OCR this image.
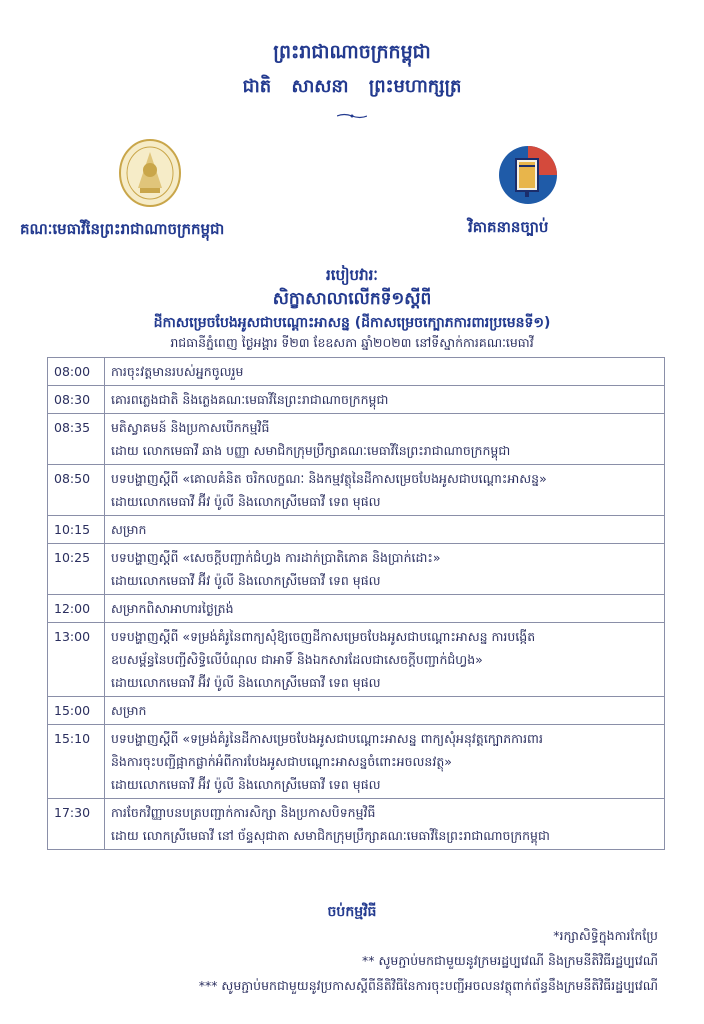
ព្រះរាជាណាចក្រកម្ពុជា
ជាតិ សាសនា ព្រះមហាក្សត្រ
គណៈមេធាវីនៃព្រះរាជាណាចក្រកម្ពុជា	វិគាគនានច្បាប់
របៀបវារៈ
សិក្ខាសាលាលើកទី១ស្តីពី
ដីកាសម្រេចបែងអូសជាបណ្តោះអាសន្ន (ដីកាសម្រេចក្បោភការពារប្រមេនទី១)
រាជធានីភ្នំពេញ ថ្ងៃអង្គារ ទី២៣ ខែឧសភា ឆ្នាំ២០២៣ នៅទីស្នាក់ការគណៈមេធាវី
08:00	ការចុះវត្តមានរបស់អ្នកចូលរួម

08:30	គោរពភ្លេងជាតិ និងភ្លេងគណៈមេធាវីនៃព្រះរាជាណាចក្រកម្ពុជា

08:35	មតិស្វាគមន៍ និងប្រកាសបើកកម្មវិធី
ដោយ លោកមេធាវី ឆាង បញ្ញា សមាជិកក្រុមប្រឹក្សាគណៈមេធាវីនៃព្រះរាជាណាចក្រកម្ពុជា

08:50	បទបង្ហាញស្តីពី «គោលគំនិត ចរិកលក្ខណៈ និងកម្មវត្ថុនៃដីកាសម្រេចបែងអូសជាបណ្តោះអាសន្ន»
ដោយលោកមេធាវី អ៊ីវ ប៉ូលី និងលោកស្រីមេធាវី ទេព មុផល

10:15	សម្រាក

10:25	បទបង្ហាញស្តីពី «សេចក្តីបញ្ជាក់ជំហ្វង ការដាក់ប្រាតិភោគ និងប្រាក់ដោះ»
ដោយលោកមេធាវី អ៊ីវ ប៉ូលី និងលោកស្រីមេធាវី ទេព មុផល

12:00	សម្រាកពិសាអាហារថ្ងៃត្រង់

13:00	បទបង្ហាញស្តីពី «ទម្រង់គំរូនៃពាក្យសុំឱ្យចេញដីកាសម្រេចបែងអូសជាបណ្តោះអាសន្ន ការបង្កើត
ឧបសម្ព័ន្ធនៃបញ្ជីសិទ្ធិលើបំណុល ជាអាទិ៍ និងឯកសារដែលជាសេចក្តីបញ្ជាក់ជំហ្វង»
ដោយលោកមេធាវី អ៊ីវ ប៉ូលី និងលោកស្រីមេធាវី ទេព មុផល

15:00	សម្រាក

15:10	បទបង្ហាញស្តីពី «ទម្រង់គំរូនៃដីកាសម្រេចបែងអូសជាបណ្តោះអាសន្ន ពាក្យសុំអនុវត្តក្បោភការពារ
និងការចុះបញ្ជីផ្អាកផ្លាក់អំពីការបែងអូសជាបណ្តោះអាសន្នចំពោះអចលនវត្ថុ»
ដោយលោកមេធាវី អ៊ីវ ប៉ូលី និងលោកស្រីមេធាវី ទេព មុផល

17:30	ការចែកវិញ្ញាបនបត្របញ្ជាក់ការសិក្សា និងប្រកាសបិទកម្មវិធី
ដោយ លោកស្រីមេធាវី នៅ ច័ន្ទសុជាតា សមាជិកក្រុមប្រឹក្សាគណៈមេធាវីនៃព្រះរាជាណាចក្រកម្ពុជា
ចប់កម្មវិធី
*រក្សាសិទ្ធិក្នុងការកែប្រែ
** សូមភ្ជាប់មកជាមួយនូវក្រមរដ្ឋប្បវេណី និងក្រមនីតិវិធីរដ្ឋប្បវេណី
*** សូមភ្ជាប់មកជាមួយនូវប្រកាសស្តីពីនីតិវិធីនៃការចុះបញ្ជីអចលនវត្ថុពាក់ព័ន្ធនឹងក្រមនីតិវិធីរដ្ឋប្បវេណី
